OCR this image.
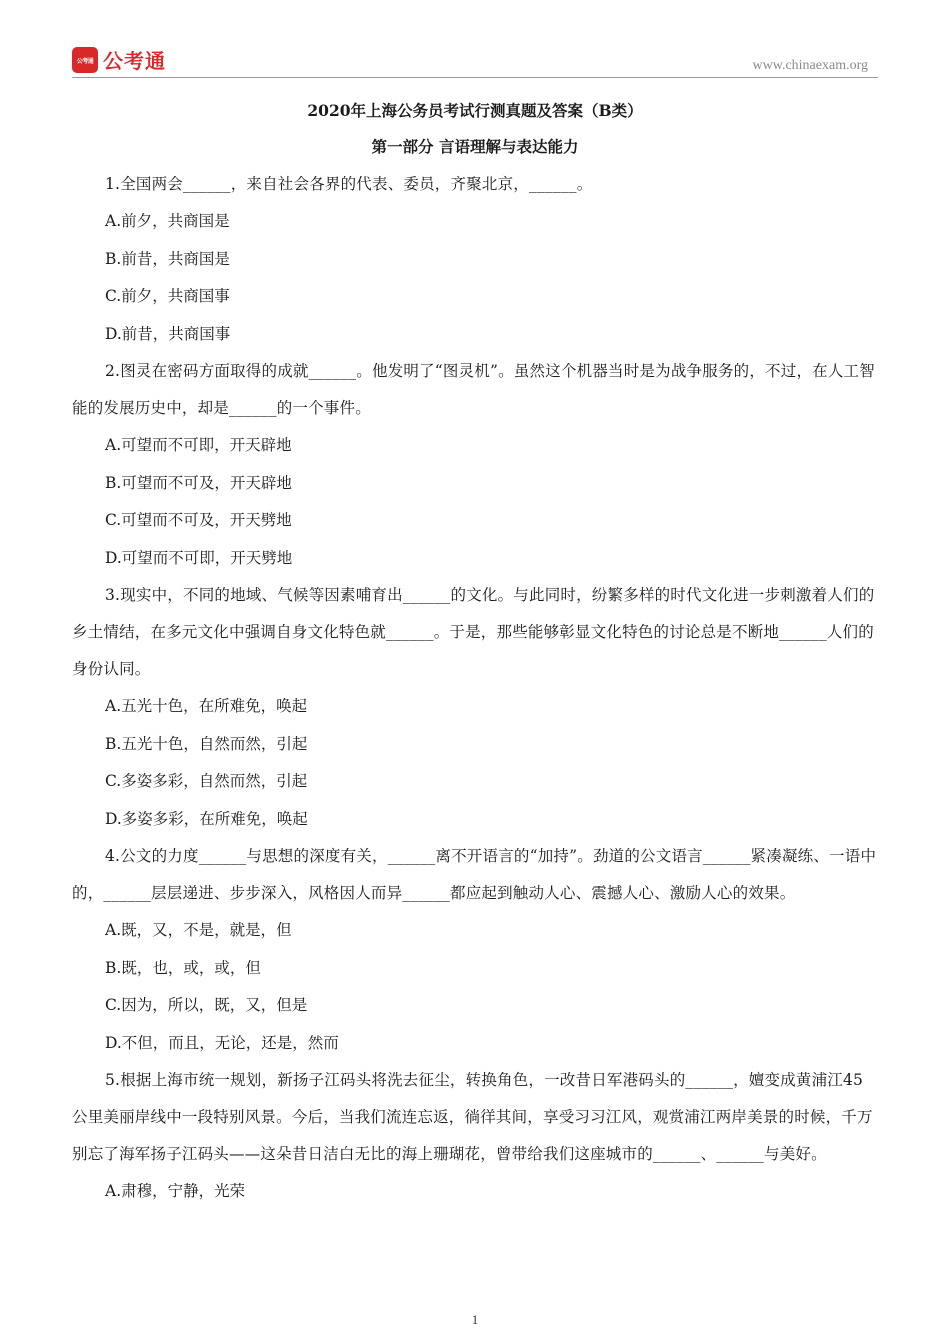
公考通 公考通	www.chinaexam.org
2020年上海公务员考试行测真题及答案（B类）
第一部分 言语理解与表达能力

1.全国两会______，来自社会各界的代表、委员，齐聚北京，______。

A.前夕，共商国是

B.前昔，共商国是

C.前夕，共商国事

D.前昔，共商国事

2.图灵在密码方面取得的成就______。他发明了“图灵机”。虽然这个机器当时是为战争服务的，不过，在人工智能的发展历史中，却是______的一个事件。

A.可望而不可即，开天辟地

B.可望而不可及，开天辟地

C.可望而不可及，开天劈地

D.可望而不可即，开天劈地

3.现实中，不同的地域、气候等因素哺育出______的文化。与此同时，纷繁多样的时代文化进一步刺激着人们的乡土情结，在多元文化中强调自身文化特色就______。于是，那些能够彰显文化特色的讨论总是不断地______人们的身份认同。

A.五光十色，在所难免，唤起

B.五光十色，自然而然，引起

C.多姿多彩，自然而然，引起

D.多姿多彩，在所难免，唤起

4.公文的力度______与思想的深度有关，______离不开语言的“加持”。劲道的公文语言______紧凑凝练、一语中的，______层层递进、步步深入，风格因人而异______都应起到触动人心、震撼人心、激励人心的效果。

A.既，又，不是，就是，但

B.既，也，或，或，但

C.因为，所以，既，又，但是

D.不但，而且，无论，还是，然而

5.根据上海市统一规划，新扬子江码头将洗去征尘，转换角色，一改昔日军港码头的______，嬗变成黄浦江45公里美丽岸线中一段特别风景。今后，当我们流连忘返，徜徉其间，享受习习江风，观赏浦江两岸美景的时候，千万别忘了海军扬子江码头——这朵昔日洁白无比的海上珊瑚花，曾带给我们这座城市的______、______与美好。

A.肃穆，宁静，光荣

1
